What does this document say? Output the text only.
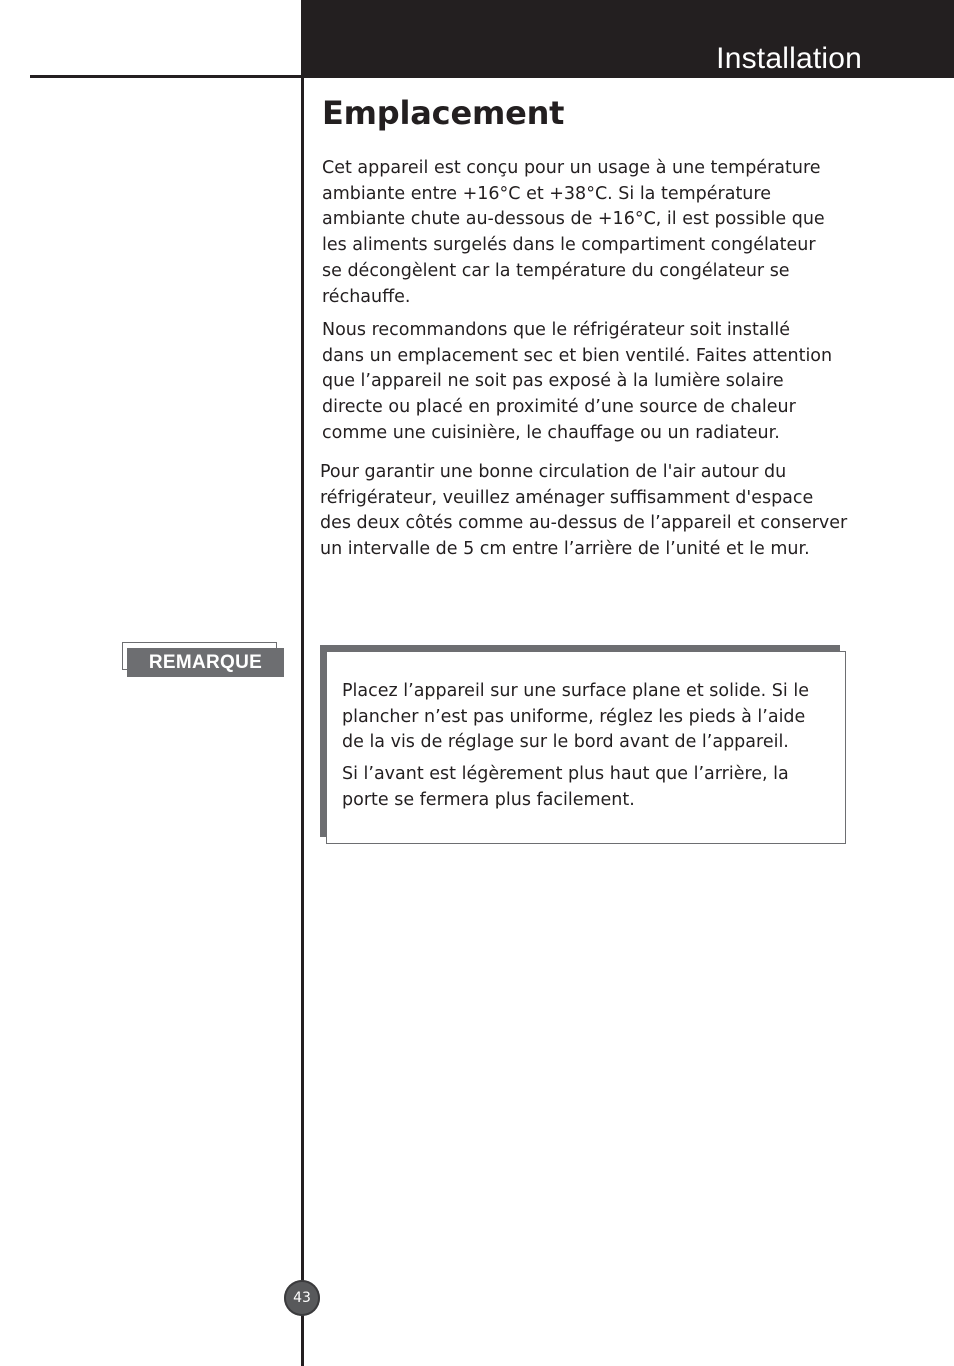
Installation
Emplacement

Cet appareil est conçu pour un usage à une température
ambiante entre +16°C et +38°C. Si la température
ambiante chute au-dessous de +16°C, il est possible que
les aliments surgelés dans le compartiment congélateur
se décongèlent car la température du congélateur se
réchauffe.

Nous recommandons que le réfrigérateur soit installé
dans un emplacement sec et bien ventilé. Faites attention
que l’appareil ne soit pas exposé à la lumière solaire
directe ou placé en proximité d’une source de chaleur
comme une cuisinière, le chauffage ou un radiateur.

Pour garantir une bonne circulation de l'air autour du
réfrigérateur, veuillez aménager suffisamment d'espace
des deux côtés comme au-dessus de l’appareil et conserver
un intervalle de 5 cm entre l’arrière de l’unité et le mur.

REMARQUE

Placez l’appareil sur une surface plane et solide. Si le
plancher n’est pas uniforme, réglez les pieds à l’aide
de la vis de réglage sur le bord avant de l’appareil.

Si l’avant est légèrement plus haut que l’arrière, la
porte se fermera plus facilement.

43
